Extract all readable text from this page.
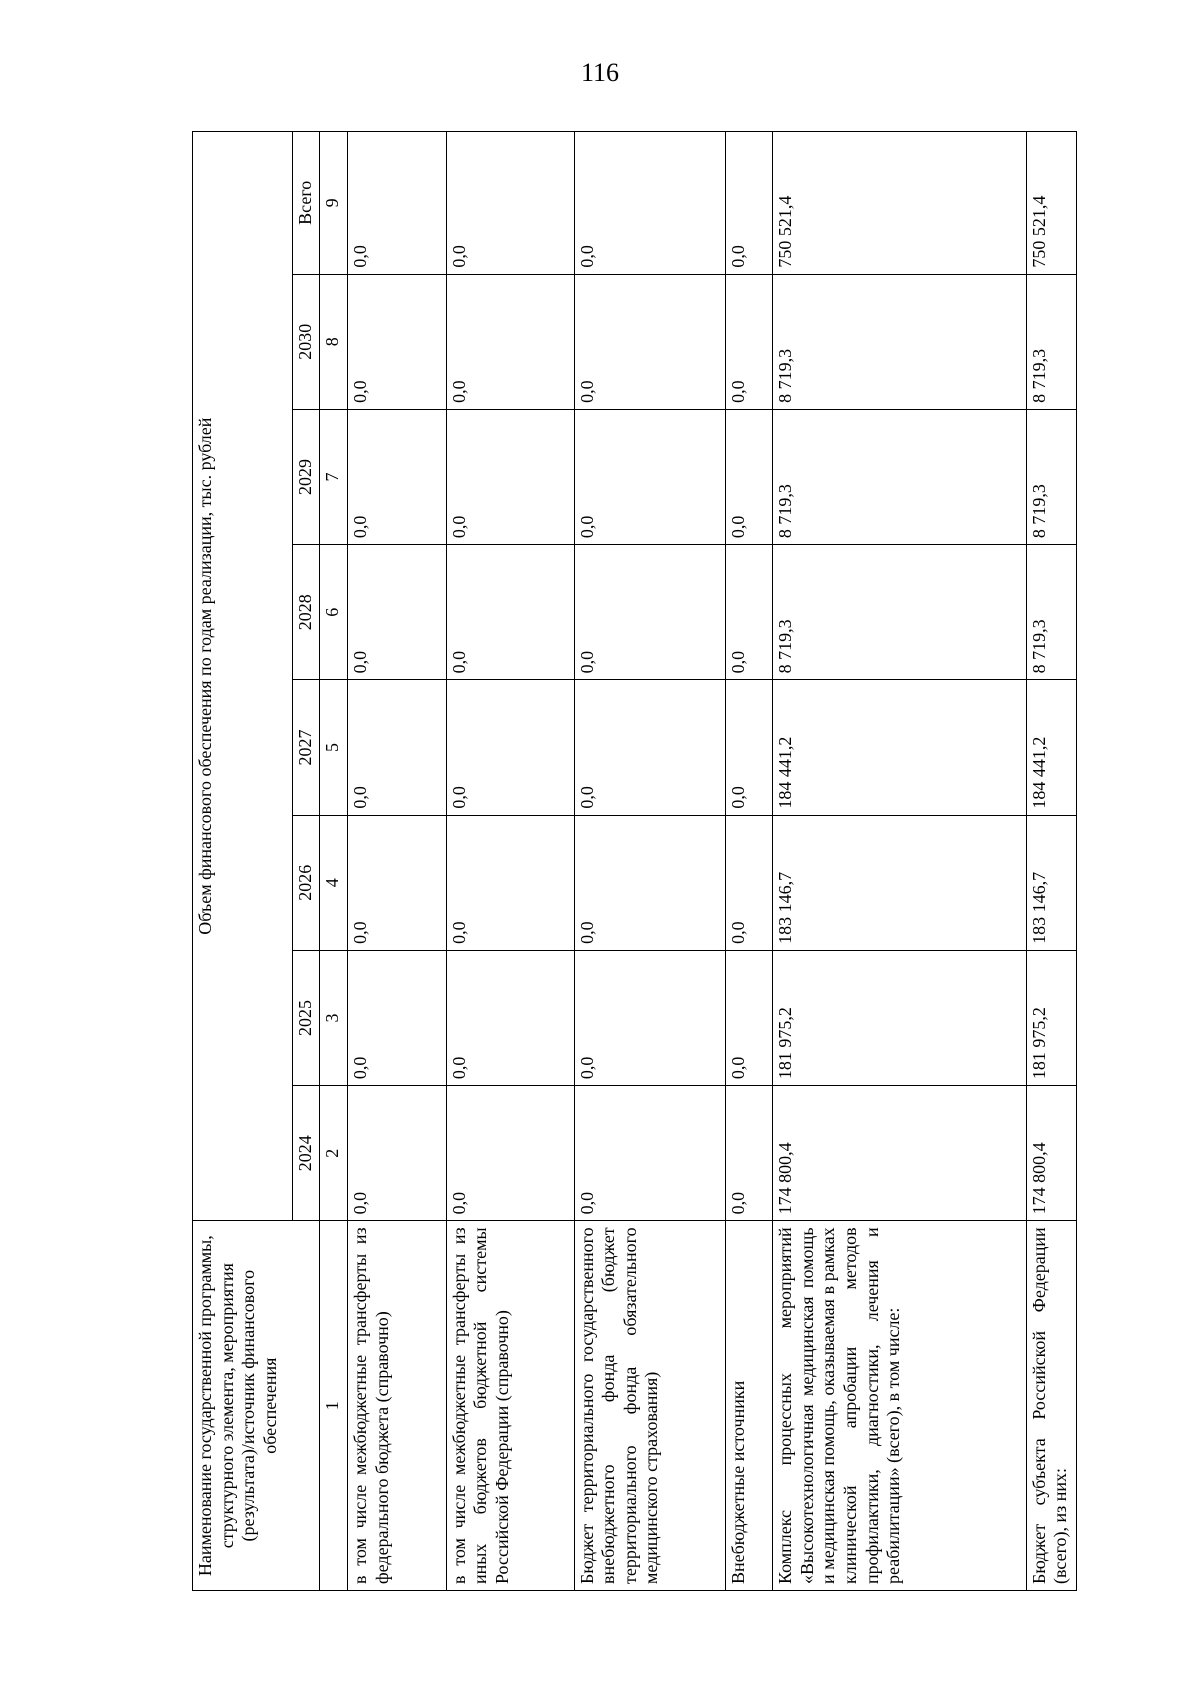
116
Наименование государственной программы, структурного элемента, мероприятия (результата)/источник финансового обеспечения	Объем финансового обеспечения по годам реализации, тыс. рублей							
	2024	2025	2026	2027	2028	2029	2030	Всего
1	2	3	4	5	6	7	8	9
в том числе межбюджетные трансферты из федерального бюджета (справочно)	0,0	0,0	0,0	0,0	0,0	0,0	0,0	0,0
в том числе межбюджетные трансферты из иных бюджетов бюджетной системы Российской Федерации (справочно)	0,0	0,0	0,0	0,0	0,0	0,0	0,0	0,0
Бюджет территориального государственного внебюджетного фонда (бюджет территориального фонда обязательного медицинского страхования)	0,0	0,0	0,0	0,0	0,0	0,0	0,0	0,0
Внебюджетные источники	0,0	0,0	0,0	0,0	0,0	0,0	0,0	0,0
Комплекс процессных мероприятий «Высокотехнологичная медицинская помощь и медицинская помощь, оказываемая в рамках клинической апробации методов профилактики, диагностики, лечения и реабилитации» (всего), в том числе:	174 800,4	181 975,2	183 146,7	184 441,2	8 719,3	8 719,3	8 719,3	750 521,4
Бюджет субъекта Российской Федерации (всего), из них:	174 800,4	181 975,2	183 146,7	184 441,2	8 719,3	8 719,3	8 719,3	750 521,4
